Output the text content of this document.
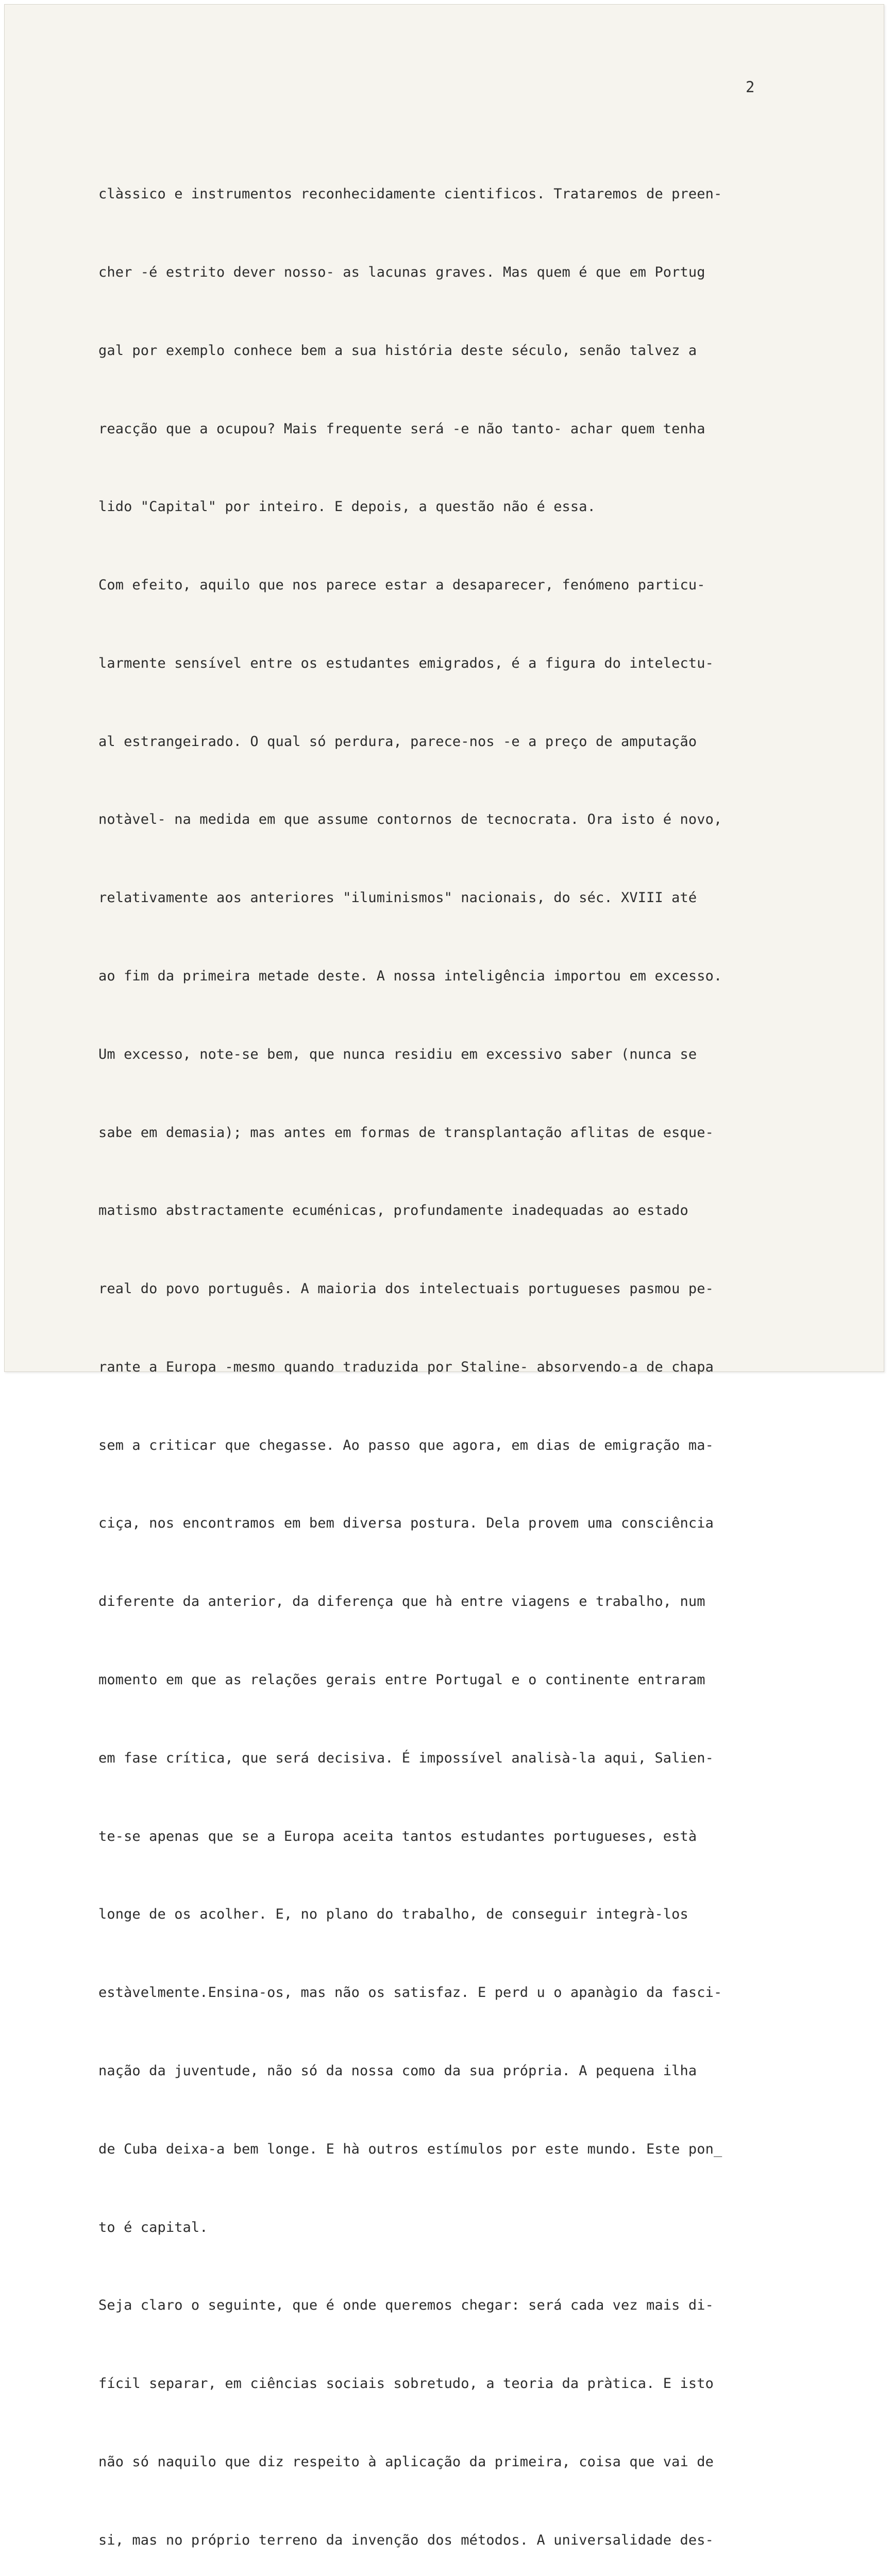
2

clàssico e instrumentos reconhecidamente cientificos. Trataremos de preen-

cher -é estrito dever nosso- as lacunas graves. Mas quem é que em Portug

gal por exemplo conhece bem a sua história deste século, senão talvez a

reacção que a ocupou? Mais frequente será -e não tanto- achar quem tenha

lido "Capital" por inteiro. E depois, a questão não é essa.

Com efeito, aquilo que nos parece estar a desaparecer, fenómeno particu-

larmente sensível entre os estudantes emigrados, é a figura do intelectu-

al estrangeirado. O qual só perdura, parece-nos -e a preço de amputação

notàvel- na medida em que assume contornos de tecnocrata. Ora isto é novo,

relativamente aos anteriores "iluminismos" nacionais, do séc. XVIII até

ao fim da primeira metade deste. A nossa inteligência importou em excesso.

Um excesso, note-se bem, que nunca residiu em excessivo saber (nunca se

sabe em demasia); mas antes em formas de transplantação aflitas de esque-

matismo abstractamente ecuménicas, profundamente inadequadas ao estado

real do povo português. A maioria dos intelectuais portugueses pasmou pe-

rante a Europa -mesmo quando traduzida por Staline- absorvendo-a de chapa

sem a criticar que chegasse. Ao passo que agora, em dias de emigração ma-

ciça, nos encontramos em bem diversa postura. Dela provem uma consciência

diferente da anterior, da diferença que hà entre viagens e trabalho, num

momento em que as relações gerais entre Portugal e o continente entraram

em fase crítica, que será decisiva. É impossível analisà-la aqui, Salien-

te-se apenas que se a Europa aceita tantos estudantes portugueses, està

longe de os acolher. E, no plano do trabalho, de conseguir integrà-los

estàvelmente.Ensina-os, mas não os satisfaz. E perd u o apanàgio da fasci-

nação da juventude, não só da nossa como da sua própria. A pequena ilha

de Cuba deixa-a bem longe. E hà outros estímulos por este mundo. Este pon_

to é capital.

Seja claro o seguinte, que é onde queremos chegar: será cada vez mais di-

fícil separar, em ciências sociais sobretudo, a teoria da pràtica. E isto

não só naquilo que diz respeito à aplicação da primeira, coisa que vai de

si, mas no próprio terreno da invenção dos métodos. A universalidade des-
